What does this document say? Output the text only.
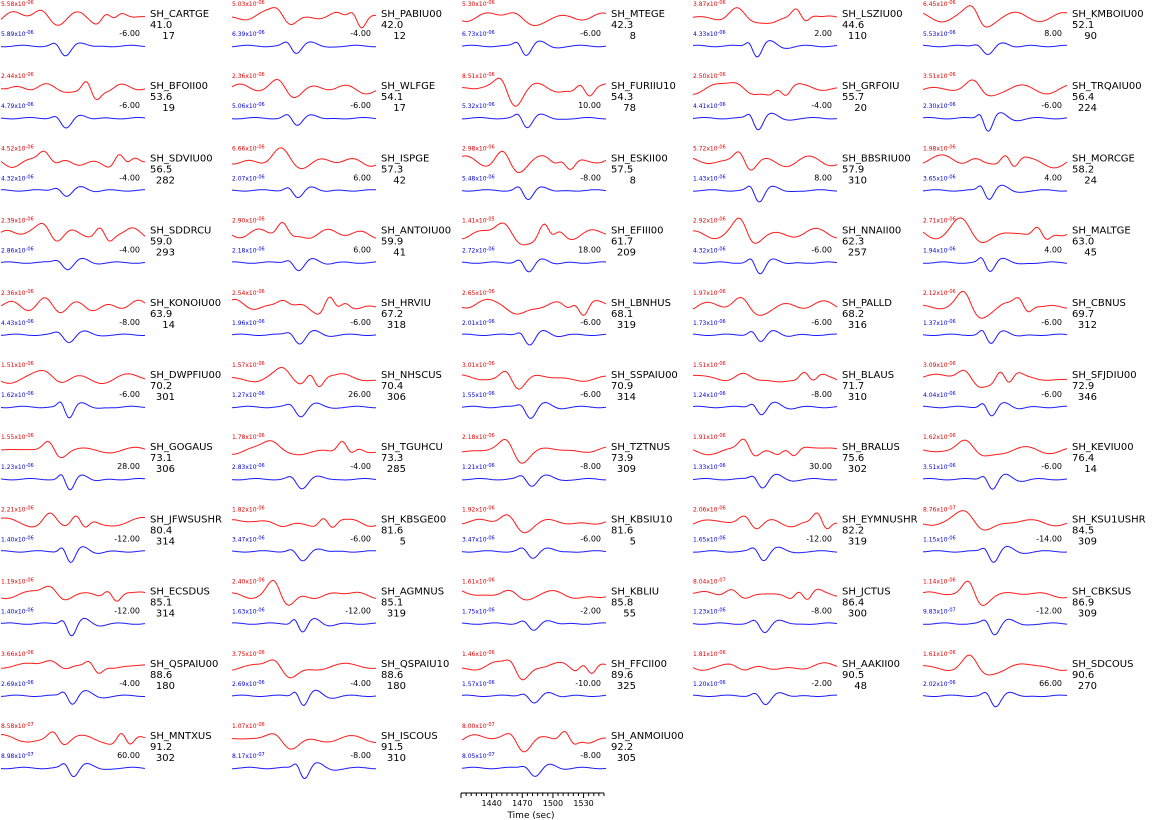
$5.58x10^{-06}$
$5.89x10^{-06}$	-6.00
SH_CARTGE
41.0
17
$5.03x10^{-06}$
$6.39x10^{-06}$	-4.00
SH_PABIU00
42.0
12
$5.30x10^{-06}$
$6.73x10^{-06}$	-6.00
SH_MTEGE
42.3
8
$3.87x10^{-06}$
$4.33x10^{-06}$	2.00
SH_LSZIU00
44.6
110
$6.45x10^{-06}$
$5.53x10^{-06}$	8.00
SH_KMBOIU00
52.1
90
$2.44x10^{-06}$
$4.79x10^{-06}$	-6.00
SH_BFOII00
53.6
19
$2.36x10^{-06}$
$5.06x10^{-06}$	-6.00
SH_WLFGE
54.1
17
$8.51x10^{-06}$
$5.32x10^{-06}$	10.00
SH_FURIIU10
54.3
78
$2.50x10^{-06}$
$4.41x10^{-06}$	-4.00
SH_GRFOIU
55.7
20
$3.51x10^{-06}$
$2.30x10^{-06}$	-6.00
SH_TRQAIU00
56.4
224
$4.52x10^{-06}$
$4.32x10^{-06}$	-4.00
SH_SDVIU00
56.5
282
$6.66x10^{-06}$
$2.07x10^{-06}$	6.00
SH_ISPGE
57.3
42
$2.98x10^{-06}$
$5.48x10^{-06}$	-8.00
SH_ESKII00
57.5
8
$5.72x10^{-06}$
$1.43x10^{-06}$	8.00
SH_BBSRIU00
57.9
310
$1.98x10^{-06}$
$3.65x10^{-06}$	4.00
SH_MORCGE
58.2
24
$2.39x10^{-06}$
$2.86x10^{-06}$	-4.00
SH_SDDRCU
59.0
293
$2.90x10^{-06}$
$2.18x10^{-06}$	6.00
SH_ANTOIU00
59.9
41
$1.41x10^{-05}$
$2.72x10^{-06}$	18.00
SH_EFIII00
61.7
209
$2.92x10^{-06}$
$4.32x10^{-06}$	-6.00
SH_NNAII00
62.3
257
$2.71x10^{-06}$
$1.94x10^{-06}$	4.00
SH_MALTGE
63.0
45
$2.36x10^{-06}$
$4.43x10^{-06}$	-8.00
SH_KONOIU00
63.9
14
$2.54x10^{-06}$
$1.96x10^{-06}$	-6.00
SH_HRVIU
67.2
318
$2.65x10^{-06}$
$2.01x10^{-06}$	-6.00
SH_LBNHUS
68.1
319
$1.97x10^{-06}$
$1.73x10^{-06}$	-6.00
SH_PALLD
68.2
316
$2.12x10^{-06}$
$1.37x10^{-06}$	-6.00
SH_CBNUS
69.7
312
$1.51x10^{-06}$
$1.62x10^{-06}$	-6.00
SH_DWPFIU00
70.2
301
$1.57x10^{-06}$
$1.27x10^{-06}$	26.00
SH_NHSCUS
70.4
306
$3.01x10^{-06}$
$1.55x10^{-06}$	-6.00
SH_SSPAIU00
70.9
314
$1.51x10^{-06}$
$1.24x10^{-06}$	-8.00
SH_BLAUS
71.7
310
$3.09x10^{-06}$
$4.04x10^{-06}$	-6.00
SH_SFJDIU00
72.9
346
$1.55x10^{-06}$
$1.23x10^{-06}$	28.00
SH_GOGAUS
73.1
306
$1.78x10^{-06}$
$2.83x10^{-06}$	-4.00
SH_TGUHCU
73.3
285
$2.18x10^{-06}$
$1.21x10^{-06}$	-8.00
SH_TZTNUS
73.9
309
$1.91x10^{-06}$
$1.33x10^{-06}$	30.00
SH_BRALUS
75.6
302
$1.62x10^{-06}$
$3.51x10^{-06}$	-6.00
SH_KEVIU00
76.4
14
$2.21x10^{-06}$
$1.40x10^{-06}$	-12.00
SH_JFWSUSHR
80.4
314
$1.82x10^{-06}$
$3.47x10^{-06}$	-6.00
SH_KBSGE00
81.6
5
$1.92x10^{-06}$
$3.47x10^{-06}$	-6.00
SH_KBSIU10
81.6
5
$2.06x10^{-06}$
$1.65x10^{-06}$	-12.00
SH_EYMNUSHR
82.2
319
$8.76x10^{-07}$
$1.15x10^{-06}$	-14.00
SH_KSU1USHR
84.5
309
$1.19x10^{-06}$
$1.40x10^{-06}$	-12.00
SH_ECSDUS
85.1
314
$2.40x10^{-06}$
$1.63x10^{-06}$	-12.00
SH_AGMNUS
85.1
319
$1.61x10^{-06}$
$1.75x10^{-06}$	-2.00
SH_KBLIU
85.8
55
$8.04x10^{-07}$
$1.23x10^{-06}$	-8.00
SH_JCTUS
86.4
300
$1.14x10^{-06}$
$9.83x10^{-07}$	-12.00
SH_CBKSUS
86.9
309
$3.66x10^{-06}$
$2.69x10^{-06}$	-4.00
SH_QSPAIU00
88.6
180
$3.75x10^{-06}$
$2.69x10^{-06}$	-4.00
SH_QSPAIU10
88.6
180
$1.46x10^{-06}$
$1.57x10^{-06}$	-10.00
SH_FFCII00
89.6
325
$1.81x10^{-06}$
$1.20x10^{-06}$	-2.00
SH_AAKII00
90.5
48
$1.61x10^{-06}$
$2.02x10^{-06}$	66.00
SH_SDCOUS
90.6
270
$8.58x10^{-07}$
$8.98x10^{-07}$	60.00
SH_MNTXUS
91.2
302
$1.07x10^{-06}$
$8.17x10^{-07}$	-8.00
SH_ISCOUS
91.5
310
$8.00x10^{-07}$
$8.05x10^{-07}$	-8.00
SH_ANMOIU00
92.2
305
1440 1470 1500 1530
Time (sec)
